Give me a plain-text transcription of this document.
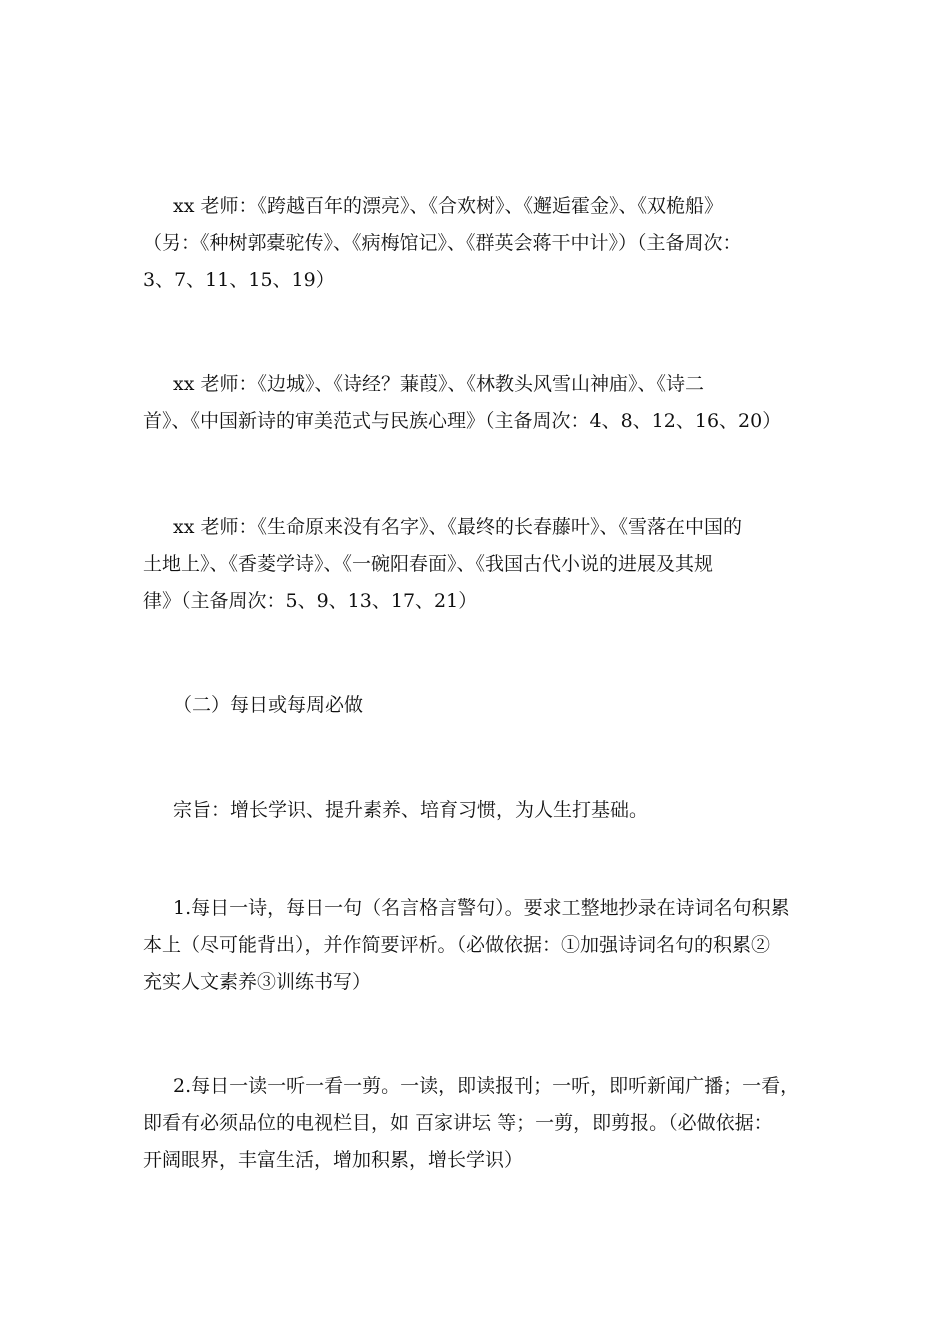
xx 老师：《跨越百年的漂亮》、《合欢树》、《邂逅霍金》、《双桅船》
（另：《种树郭橐驼传》、《病梅馆记》、《群英会蒋干中计》）（主备周次：
3、7、11、15、19）

xx 老师：《边城》、《诗经？蒹葭》、《林教头风雪山神庙》、《诗二
首》、《中国新诗的审美范式与民族心理》（主备周次：4、8、12、16、20）

xx 老师：《生命原来没有名字》、《最终的长春藤叶》、《雪落在中国的
土地上》、《香菱学诗》、《一碗阳春面》、《我国古代小说的进展及其规
律》（主备周次：5、9、13、17、21）

（二）每日或每周必做

宗旨：增长学识、提升素养、培育习惯，为人生打基础。

1.每日一诗，每日一句（名言格言警句）。要求工整地抄录在诗词名句积累
本上（尽可能背出），并作简要评析。（必做依据：①加强诗词名句的积累②
充实人文素养③训练书写）

2.每日一读一听一看一剪。一读，即读报刊；一听，即听新闻广播；一看，
即看有必须品位的电视栏目，如 百家讲坛 等；一剪，即剪报。（必做依据：
开阔眼界，丰富生活，增加积累，增长学识）
